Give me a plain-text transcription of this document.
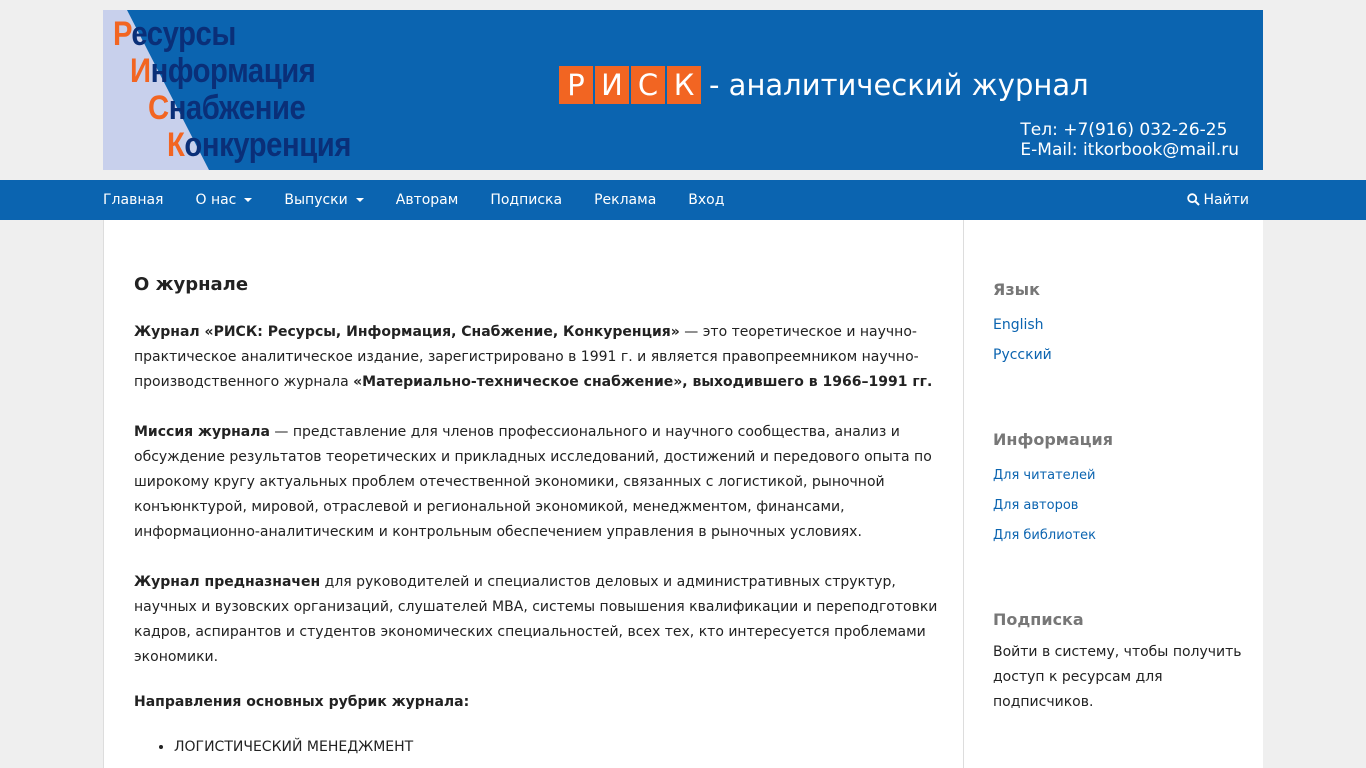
Ресурсы
Информация
Снабжение
Конкуренция
Р И С К - аналитический журнал
Тел: +7(916) 032-26-25
E-Mail: itkorbook@mail.ru
Главная О нас	Выпуски	Авторам Подписка Реклама Вход	Найти
О журнале

Журнал «РИСК: Ресурсы, Информация, Снабжение, Конкуренция» — это теоретическое и научно-практическое аналитическое издание, зарегистрировано в 1991 г. и является правопреемником научно-производственного журнала «Материально-техническое снабжение», выходившего в 1966–1991 гг.

Миссия журнала — представление для членов профессионального и научного сообщества, анализ и обсуждение результатов теоретических и прикладных исследований, достижений и передового опыта по широкому кругу актуальных проблем отечественной экономики, связанных с логистикой, рыночной конъюнктурой, мировой, отраслевой и региональной экономикой, менеджментом, финансами, информационно-аналитическим и контрольным обеспечением управления в рыночных условиях.

Журнал предназначен для руководителей и специалистов деловых и административных структур, научных и вузовских организаций, слушателей MBA, системы повышения квалификации и переподготовки кадров, аспирантов и студентов экономических специальностей, всех тех, кто интересуется проблемами экономики.

Направления основных рубрик журнала:

• ЛОГИСТИЧЕСКИЙ МЕНЕДЖМЕНТ
Язык
English
Русский
Информация
Для читателей
Для авторов
Для библиотек
Подписка
Войти в систему, чтобы получить доступ к ресурсам для подписчиков.
